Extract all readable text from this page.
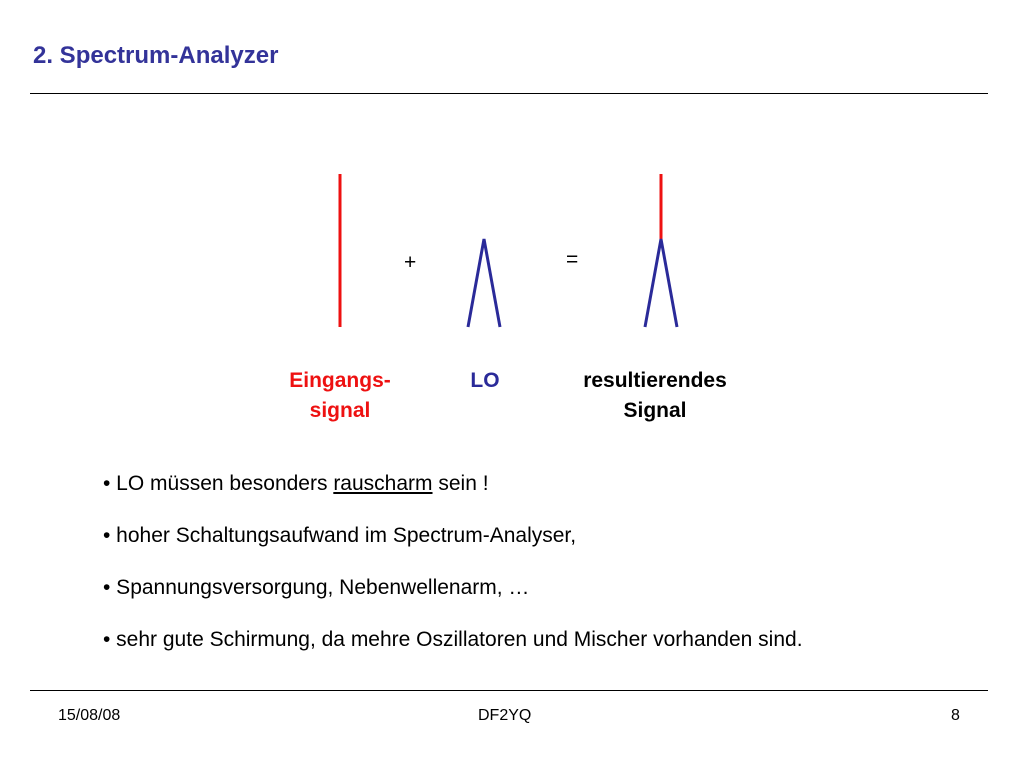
2. Spectrum-Analyzer
+	=
Eingangs-
signal
LO	resultierendes
Signal
• LO müssen besonders rauscharm sein !
• hoher Schaltungsaufwand im Spectrum-Analyser,
• Spannungsversorgung, Nebenwellenarm, …
• sehr gute Schirmung, da mehre Oszillatoren und Mischer vorhanden sind.
15/08/08	DF2YQ	8
